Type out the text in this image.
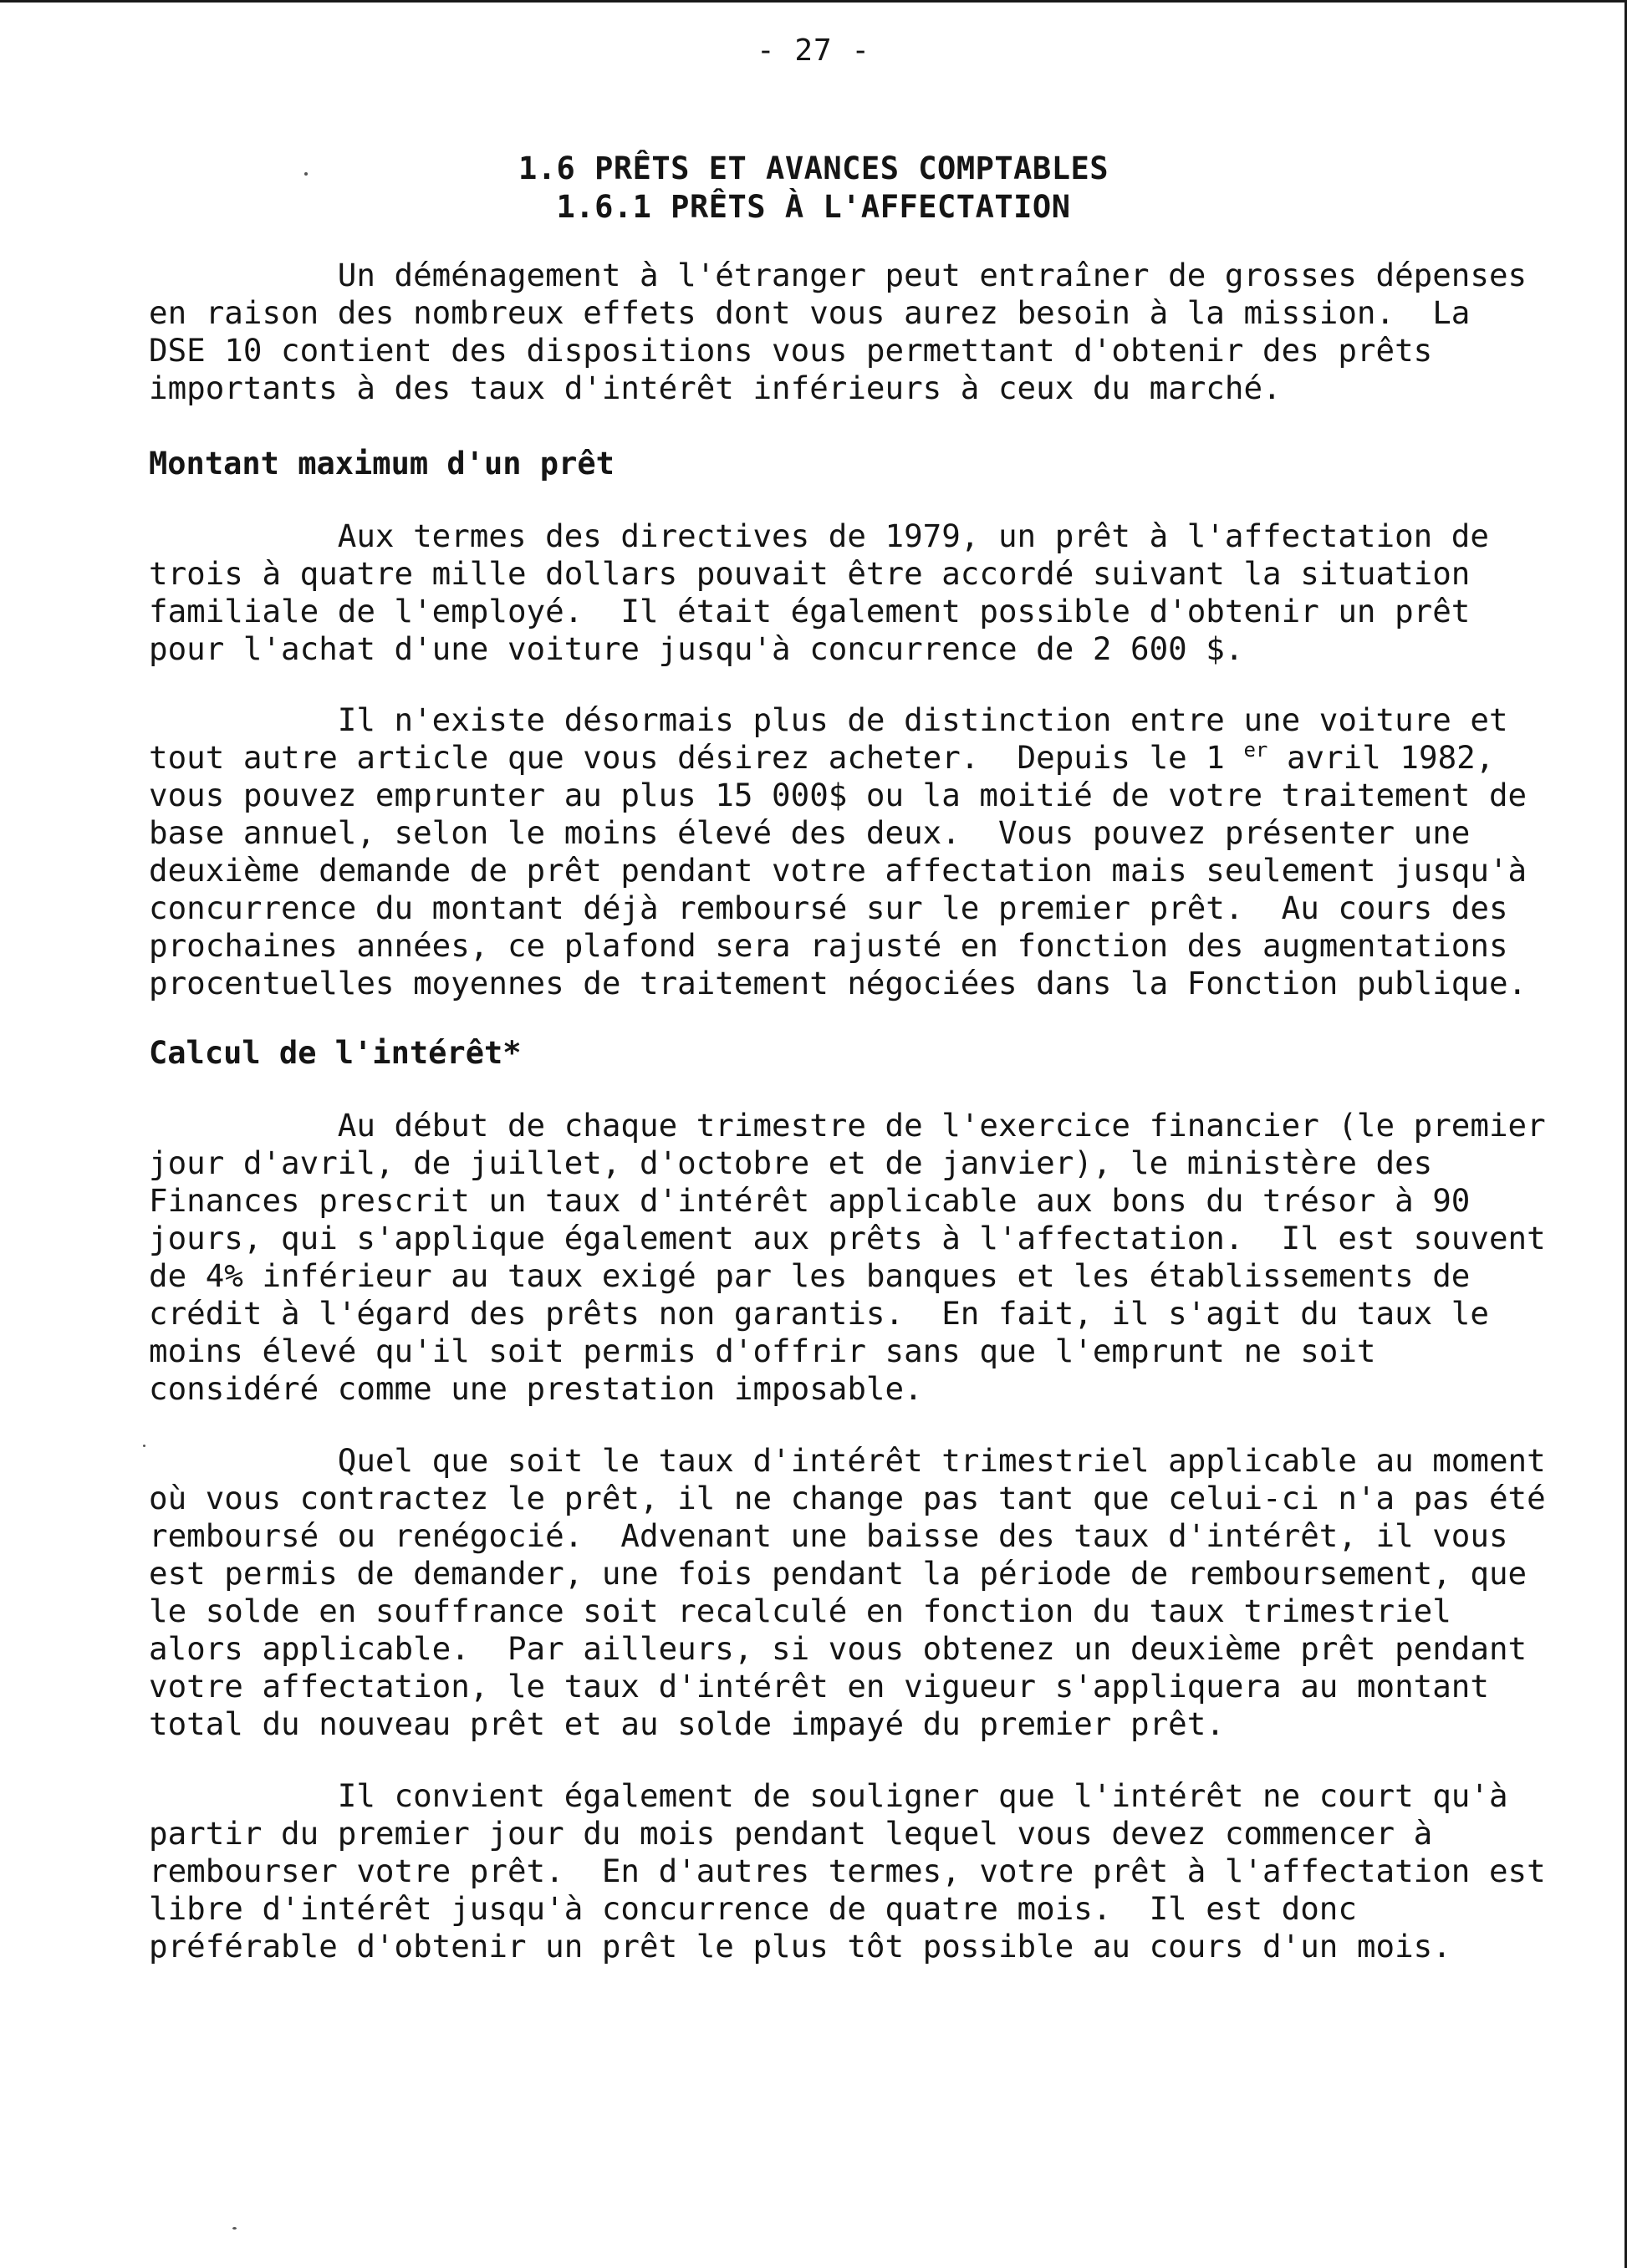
- 27 -
1.6 PRÊTS ET AVANCES COMPTABLES
1.6.1 PRÊTS À L'AFFECTATION
Un déménagement à l'étranger peut entraîner de grosses dépenses
en raison des nombreux effets dont vous aurez besoin à la mission.  La
DSE 10 contient des dispositions vous permettant d'obtenir des prêts
importants à des taux d'intérêt inférieurs à ceux du marché.
Montant maximum d'un prêt
Aux termes des directives de 1979, un prêt à l'affectation de
trois à quatre mille dollars pouvait être accordé suivant la situation
familiale de l'employé.  Il était également possible d'obtenir un prêt
pour l'achat d'une voiture jusqu'à concurrence de 2 600 $.
Il n'existe désormais plus de distinction entre une voiture et
tout autre article que vous désirez acheter.  Depuis le 1 $^{er}$ avril 1982,
vous pouvez emprunter au plus 15 000$ ou la moitié de votre traitement de
base annuel, selon le moins élevé des deux.  Vous pouvez présenter une
deuxième demande de prêt pendant votre affectation mais seulement jusqu'à
concurrence du montant déjà remboursé sur le premier prêt.  Au cours des
prochaines années, ce plafond sera rajusté en fonction des augmentations
procentuelles moyennes de traitement négociées dans la Fonction publique.
Calcul de l'intérêt*
Au début de chaque trimestre de l'exercice financier (le premier
jour d'avril, de juillet, d'octobre et de janvier), le ministère des
Finances prescrit un taux d'intérêt applicable aux bons du trésor à 90
jours, qui s'applique également aux prêts à l'affectation.  Il est souvent
de 4% inférieur au taux exigé par les banques et les établissements de
crédit à l'égard des prêts non garantis.  En fait, il s'agit du taux le
moins élevé qu'il soit permis d'offrir sans que l'emprunt ne soit
considéré comme une prestation imposable.
Quel que soit le taux d'intérêt trimestriel applicable au moment
où vous contractez le prêt, il ne change pas tant que celui-ci n'a pas été
remboursé ou renégocié.  Advenant une baisse des taux d'intérêt, il vous
est permis de demander, une fois pendant la période de remboursement, que
le solde en souffrance soit recalculé en fonction du taux trimestriel
alors applicable.  Par ailleurs, si vous obtenez un deuxième prêt pendant
votre affectation, le taux d'intérêt en vigueur s'appliquera au montant
total du nouveau prêt et au solde impayé du premier prêt.
Il convient également de souligner que l'intérêt ne court qu'à
partir du premier jour du mois pendant lequel vous devez commencer à
rembourser votre prêt.  En d'autres termes, votre prêt à l'affectation est
libre d'intérêt jusqu'à concurrence de quatre mois.  Il est donc
préférable d'obtenir un prêt le plus tôt possible au cours d'un mois.
